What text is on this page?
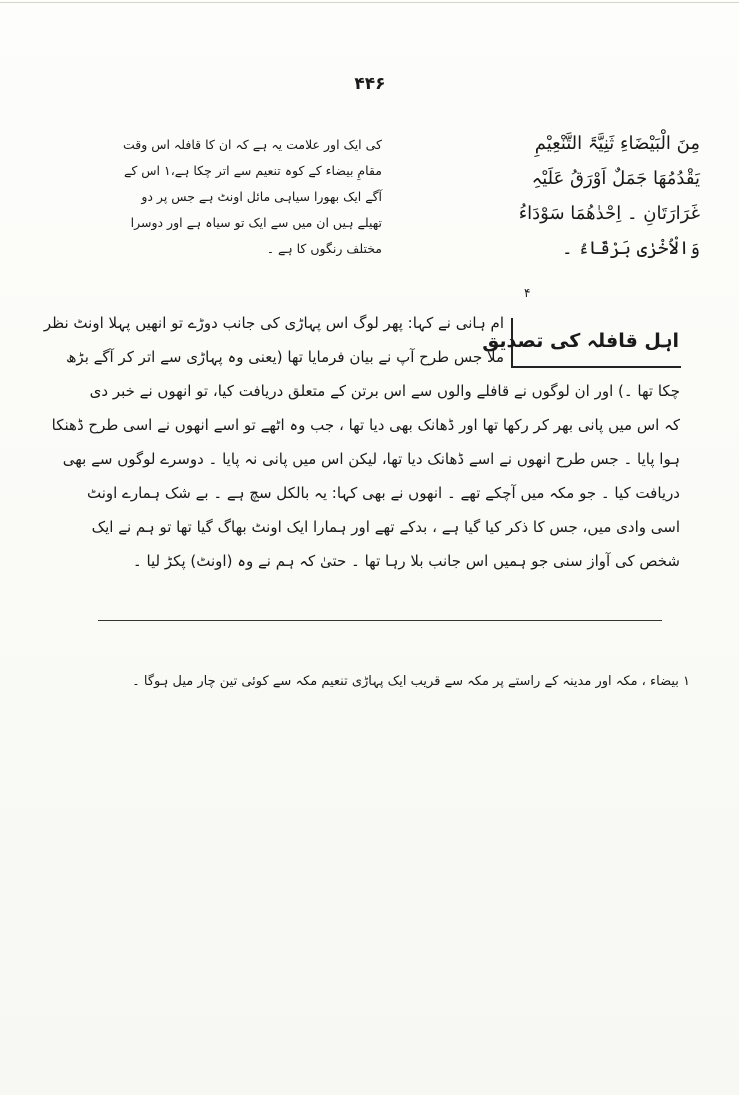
۴۴۶
مِنَ الْبَیْضَاءِ ثَنِیَّۃَ التَّنْعِیْمِ
یَقْدُمُھَا جَمَلٌ اَوْرَقُ عَلَیْہِ
غَرَارَتَانِ ۔ اِحْدٰھُمَا سَوْدَاءُ
وَالْاُخْرٰی بَرْقَاءُ ۔
۴
کی ایک اور علامت یہ ہے کہ ان کا قافلہ اس وقت
مقامِ بیضاء کے کوہ تنعیم سے اتر چکا ہے،۱ اس کے
آگے ایک بھورا سیاہی مائل اونٹ ہے جس پر دو
تھیلے ہیں ان میں سے ایک تو سیاہ ہے اور دوسرا
مختلف رنگوں کا ہے ۔
اہل قافلہ کی تصدیق
ام ہانی نے کہا: پھر لوگ اس پہاڑی کی جانب دوڑے تو انھیں پہلا اونٹ نظر
ملا جس طرح آپ نے بیان فرمایا تھا (یعنی وہ پہاڑی سے اتر کر آگے بڑھ
چکا تھا ۔) اور ان لوگوں نے قافلے والوں سے اس برتن کے متعلق دریافت کیا، تو انھوں نے خبر دی
کہ اس میں پانی بھر کر رکھا تھا اور ڈھانک بھی دیا تھا ، جب وہ اٹھے تو اسے انھوں نے اسی طرح ڈھنکا
ہوا پایا ۔ جس طرح انھوں نے اسے ڈھانک دیا تھا، لیکن اس میں پانی نہ پایا ۔ دوسرے لوگوں سے بھی
دریافت کیا ۔ جو مکہ میں آچکے تھے ۔ انھوں نے بھی کہا: یہ بالکل سچ ہے ۔ بے شک ہمارے اونٹ
اسی وادی میں، جس کا ذکر کیا گیا ہے ، بدکے تھے اور ہمارا ایک اونٹ بھاگ گیا تھا تو ہم نے ایک
شخص کی آواز سنی جو ہمیں اس جانب بلا رہا تھا ۔ حتیٰ کہ ہم نے وہ (اونٹ) پکڑ لیا ۔
۱ بیضاء ، مکہ اور مدینہ کے راستے پر مکہ سے قریب ایک پہاڑی تنعیم مکہ سے کوئی تین چار میل ہوگا ۔
